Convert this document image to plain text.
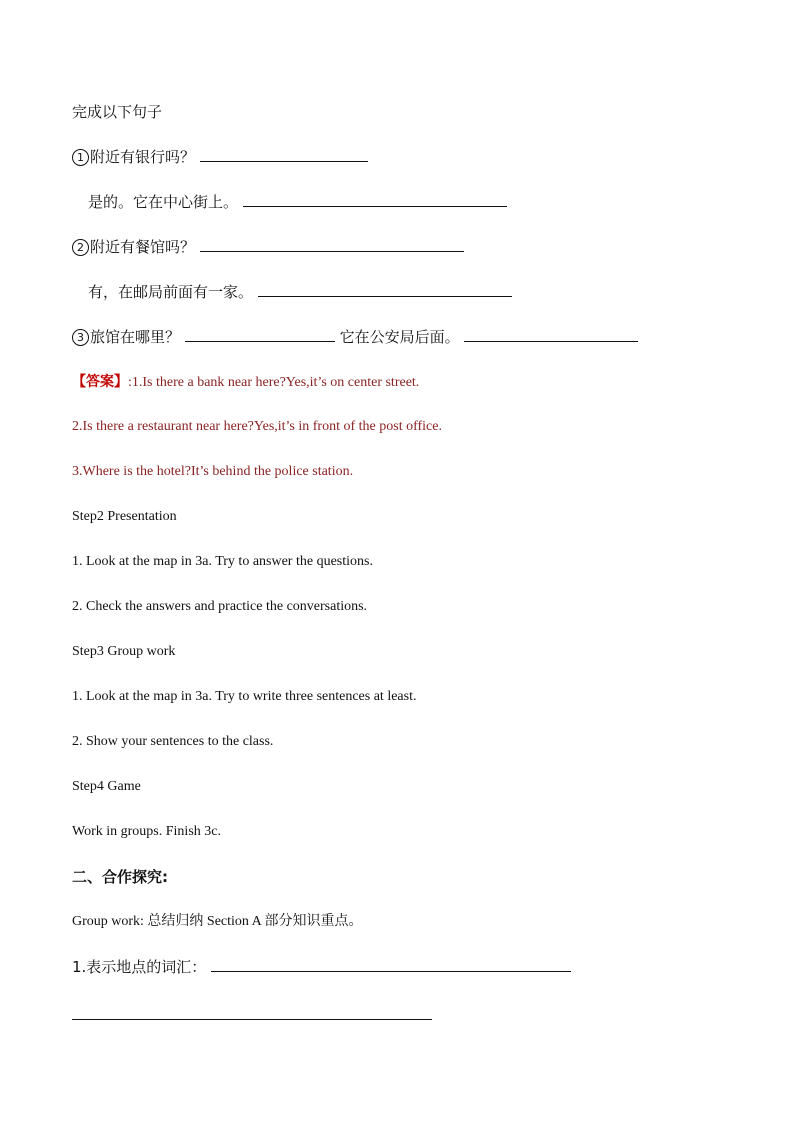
完成以下句子
1 附近有银行吗？
是的。它在中心街上。
2 附近有餐馆吗？
有，在邮局前面有一家。
3 旅馆在哪里？	它在公安局后面。
【答案】:1.Is there a bank near here?Yes,it’s on center street.
2.Is there a restaurant near here?Yes,it’s in front of the post office.
3.Where is the hotel?It’s behind the police station.
Step2 Presentation
1. Look at the map in 3a. Try to answer the questions.
2. Check the answers and practice the conversations.
Step3 Group work
1. Look at the map in 3a. Try to write three sentences at least.
2. Show your sentences to the class.
Step4 Game
Work in groups. Finish 3c.
二、合作探究:
Group work: 总结归纳 Section A 部分知识重点。
1.表示地点的词汇：
